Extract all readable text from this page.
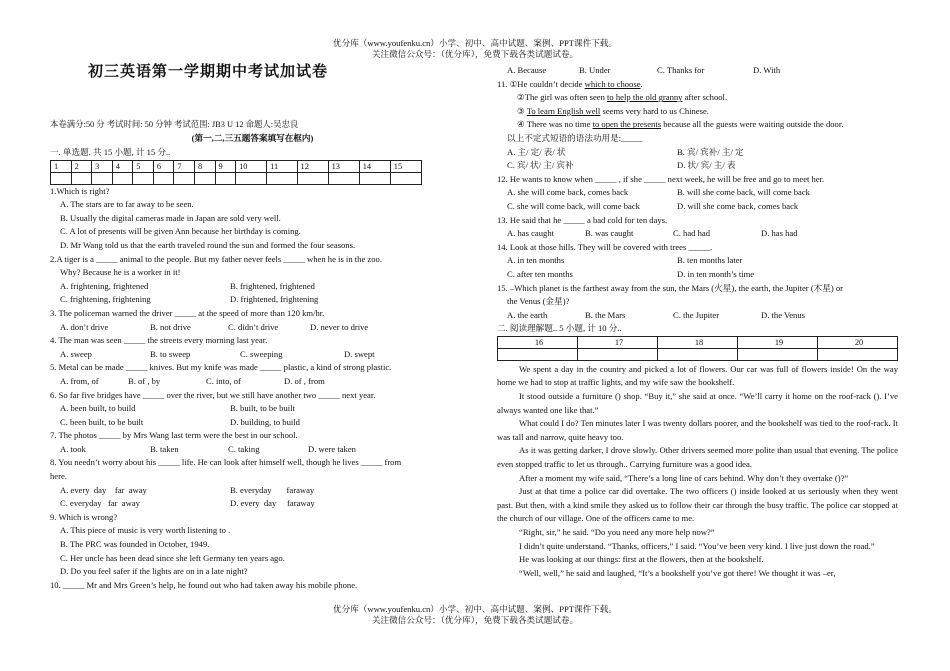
优分库（www.youfenku.cn）小学、初中、高中试题、案例、PPT课件下载。
关注微信公众号：（优分库），免费下载各类试题试卷。
优分库（www.youfenku.cn）小学、初中、高中试题、案例、PPT课件下载。
关注微信公众号：（优分库），免费下载各类试题试卷。
初三英语第一学期期中考试加试卷
本卷满分:50 分 考试时间: 50 分钟 考试范围: JB3 U 12 命题人:吴忠良
(第一,二,三五题答案填写在框内)
一. 单选题. 共 15 小题, 计 15 分..
1	2	3	4	5	6	7	8	9	10	11	12	13	14	15

1.Which is right?
A. The stars are to far away to be seen.
B. Usually the digital cameras made in Japan are sold very well.
C. A lot of presents will be given Ann because her birthday is coming.
D. Mr Wang told us that the earth traveled round the sun and formed the four seasons.
2.A tiger is a _____ animal to the people. But my father never feels _____ when he is in the zoo.
Why? Because he is a worker in it!
A. frightening, frightened	B. frightened, frightened
C. frightening, frightening	D. frightened, frightening
3. The policeman warned the driver _____ at the speed of more than 120 km/hr.
A. don’t drive	B. not drive	C. didn’t drive	D. never to drive
4. The man was seen _____ the streets every morning last year.
A. sweep	B. to sweep	C. sweeping	D. swept
5. Metal can be made _____ knives. But my knife was made _____ plastic, a kind of strong plastic.
A. from, of	B. of , by	C. into, of	D. of , from
6. So far five bridges have _____ over the river, but we still have another two _____ next year.
A. been built, to build	B. built, to be built
C. been built, to be built	D. building, to build
7. The photos _____ by Mrs Wang last term were the best in our school.
A. took	B. taken	C. taking	D. were taken
8. You needn’t worry about his _____ life. He can look after himself well, though he lives _____ from
here.
A. every  day    far  away	B. everyday       faraway
C. everyday   far  away	D. every  day     faraway
9. Which is wrong?
A. This piece of music is very worth listening to .
B. The PRC was founded in October, 1949.
C. Her uncle has been dead since she left Germany ten years ago.
D. Do you feel safer if the lights are on in a late night?
10. _____ Mr and Mrs Green’s help, he found out who had taken away his mobile phone.
A. Because	B. Under	C. Thanks for	D. With
11. ①He couldn’t decide which to choose.
②The girl was often seen to help the old granny after school.
③ To learn English well seems very hard to us Chinese.
④ There was no time to open the presents because all the guests were waiting outside the door.
以上不定式短语的语法功用是:_____
A. 主/ 定/ 表/ 状	B. 宾/ 宾补/ 主/ 定
C. 宾/ 状/ 主/ 宾补	D. 状/ 宾/ 主/ 表
12. He wants to know when _____ , if she _____ next week, he will be free and go to meet her.
A. she will come back, comes back	B. will she come back, will come back
C. she will come back, will come back	D. will she come back, comes back
13. He said that he _____ a bad cold for ten days.
A. has caught	B. was caught	C. had had	D. has had
14. Look at those hills. They will be covered with trees _____.
A. in ten months	B. ten months later
C. after ten months	D. in ten month’s time
15. –Which planet is the farthest away from the sun, the Mars (火星), the earth, the Jupiter (木星) or
the Venus (金星)?
A. the earth	B. the Mars	C. the Jupiter	D. the Venus
二. 阅读理解题.. 5 小题, 计 10 分..
16	17	18	19	20

We spent a day in the country and picked a lot of flowers. Our car was full of flowers inside! On the way home we had to stop at traffic lights, and my wife saw the bookshelf.

It stood outside a furniture () shop. “Buy it,” she said at once. “We’ll carry it home on the roof-rack (). I’ve always wanted one like that.”

What could I do? Ten minutes later I was twenty dollars poorer, and the bookshelf was tied to the roof-rack. It was tall and narrow, quite heavy too.

As it was getting darker, I drove slowly. Other drivers seemed more polite than usual that evening. The police even stopped traffic to let us through.. Carrying furniture was a good idea.

After a moment my wife said, “There’s a long line of cars behind. Why don’t they overtake ()?”

Just at that time a police car did overtake. The two officers () inside looked at us seriously when they went past. But then, with a kind smile they asked us to follow their car through the busy traffic. The police car stopped at the church of our village. One of the officers came to me.

“Right, sir,” he said. “Do you need any more help now?”

I didn’t quite understand. “Thanks, officers,” I said. “You’ve been very kind. I live just down the road.”

He was looking at our things: first at the flowers, then at the bookshelf.

“Well, well,” he said and laughed, “It’s a bookshelf you’ve got there! We thought it was –er,
